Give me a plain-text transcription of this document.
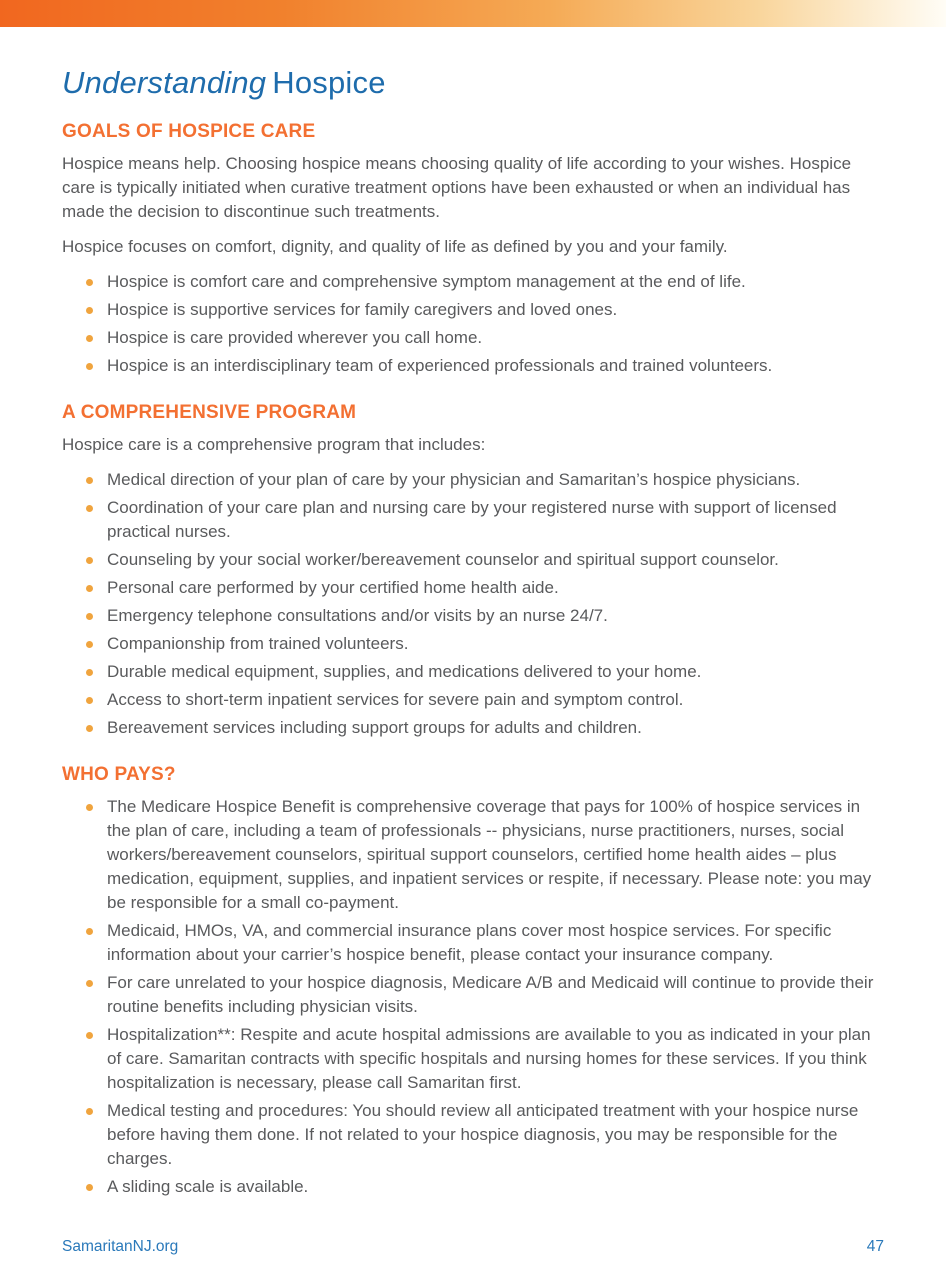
Understanding Hospice
GOALS OF HOSPICE CARE

Hospice means help. Choosing hospice means choosing quality of life according to your wishes. Hospice care is typically initiated when curative treatment options have been exhausted or when an individual has made the decision to discontinue such treatments.

Hospice focuses on comfort, dignity, and quality of life as defined by you and your family.

Hospice is comfort care and comprehensive symptom management at the end of life.
Hospice is supportive services for family caregivers and loved ones.
Hospice is care provided wherever you call home.
Hospice is an interdisciplinary team of experienced professionals and trained volunteers.
A COMPREHENSIVE PROGRAM

Hospice care is a comprehensive program that includes:

Medical direction of your plan of care by your physician and Samaritan’s hospice physicians.
Coordination of your care plan and nursing care by your registered nurse with support of licensed practical nurses.
Counseling by your social worker/bereavement counselor and spiritual support counselor.
Personal care performed by your certified home health aide.
Emergency telephone consultations and/or visits by an nurse 24/7.
Companionship from trained volunteers.
Durable medical equipment, supplies, and medications delivered to your home.
Access to short-term inpatient services for severe pain and symptom control.
Bereavement services including support groups for adults and children.
WHO PAYS?
The Medicare Hospice Benefit is comprehensive coverage that pays for 100% of hospice services in the plan of care, including a team of professionals -- physicians, nurse practitioners, nurses, social workers/bereavement counselors, spiritual support counselors, certified home health aides – plus medication, equipment, supplies, and inpatient services or respite, if necessary. Please note: you may be responsible for a small co-payment.
Medicaid, HMOs, VA, and commercial insurance plans cover most hospice services. For specific information about your carrier’s hospice benefit, please contact your insurance company.
For care unrelated to your hospice diagnosis, Medicare A/B and Medicaid will continue to provide their routine benefits including physician visits.
Hospitalization**: Respite and acute hospital admissions are available to you as indicated in your plan of care. Samaritan contracts with specific hospitals and nursing homes for these services. If you think hospitalization is necessary, please call Samaritan first.
Medical testing and procedures: You should review all anticipated treatment with your hospice nurse before having them done. If not related to your hospice diagnosis, you may be responsible for the charges.
A sliding scale is available.
SamaritanNJ.org	47
